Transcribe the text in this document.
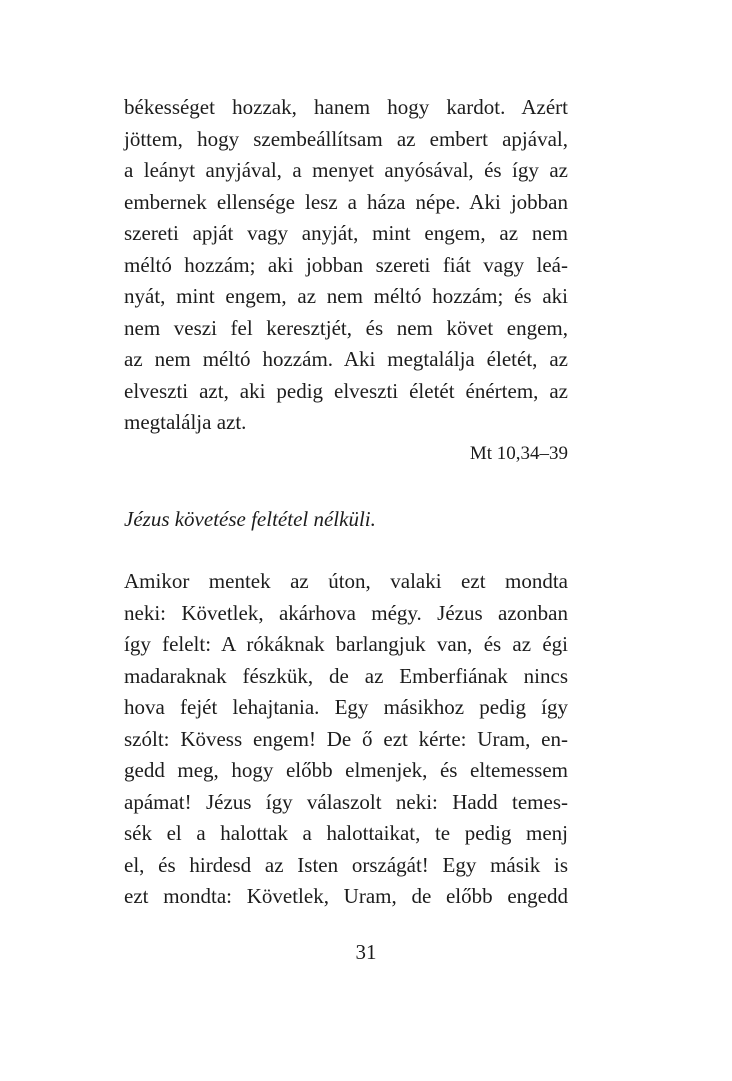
békességet hozzak, hanem hogy kardot. Azért
jöttem, hogy szembeállítsam az embert apjával,
a leányt anyjával, a menyet anyósával, és így az
embernek ellensége lesz a háza népe. Aki jobban
szereti apját vagy anyját, mint engem, az nem
méltó hozzám; aki jobban szereti fiát vagy leá-
nyát, mint engem, az nem méltó hozzám; és aki
nem veszi fel keresztjét, és nem követ engem,
az nem méltó hozzám. Aki megtalálja életét, az
elveszti azt, aki pedig elveszti életét énértem, az
megtalálja azt.
Mt 10,34–39

Jézus követése feltétel nélküli.

Amikor mentek az úton, valaki ezt mondta
neki: Követlek, akárhova mégy. Jézus azonban
így felelt: A rókáknak barlangjuk van, és az égi
madaraknak fészkük, de az Emberfiának nincs
hova fejét lehajtania. Egy másikhoz pedig így
szólt: Kövess engem! De ő ezt kérte: Uram, en-
gedd meg, hogy előbb elmenjek, és eltemessem
apámat! Jézus így válaszolt neki: Hadd temes-
sék el a halottak a halottaikat, te pedig menj
el, és hirdesd az Isten országát! Egy másik is
ezt mondta: Követlek, Uram, de előbb engedd
31
